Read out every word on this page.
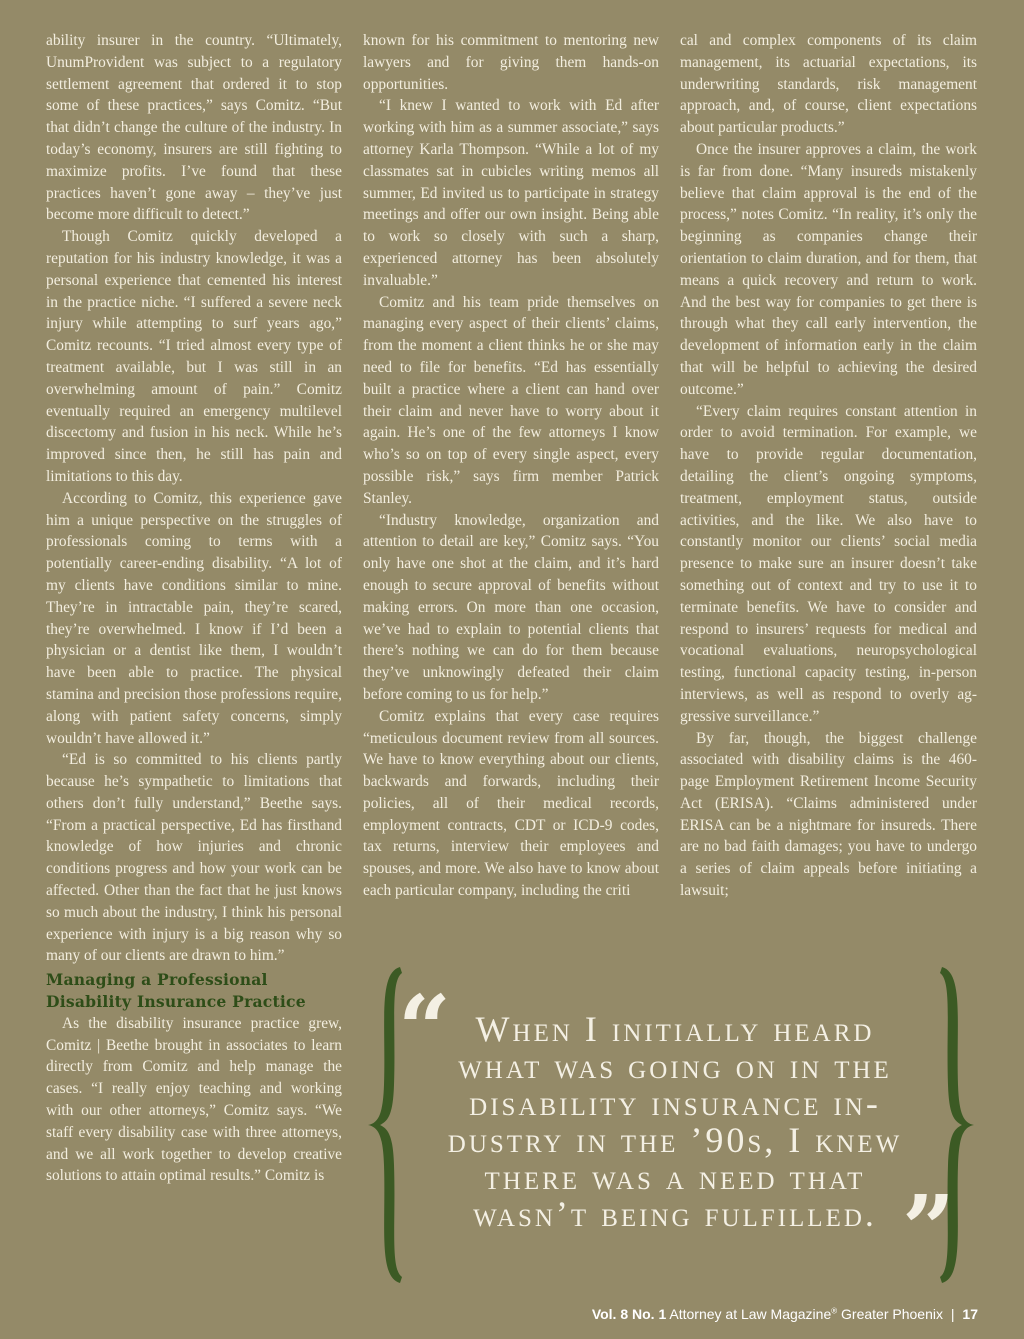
ability insurer in the country. “Ultimately, UnumProvident was subject to a regulatory settlement agreement that ordered it to stop some of these practices,” says Comitz. “But that didn’t change the culture of the industry. In today’s economy, insurers are still fighting to maximize profits. I’ve found that these practices haven’t gone away – they’ve just become more difficult to detect.”

Though Comitz quickly developed a reputation for his industry knowledge, it was a personal experience that cemented his interest in the practice niche. “I suffered a severe neck injury while attempting to surf years ago,” Comitz recounts. “I tried almost every type of treatment available, but I was still in an overwhelming amount of pain.” Comitz eventually required an emergency multilevel discectomy and fusion in his neck. While he’s improved since then, he still has pain and limitations to this day.

According to Comitz, this experience gave him a unique perspective on the struggles of professionals coming to terms with a potentially career-ending disability. “A lot of my clients have conditions similar to mine. They’re in intractable pain, they’re scared, they’re overwhelmed. I know if I’d been a physician or a dentist like them, I wouldn’t have been able to practice. The physical stamina and precision those professions require, along with patient safety concerns, simply wouldn’t have allowed it.”

“Ed is so committed to his clients partly because he’s sympathetic to limitations that others don’t fully understand,” Beethe says. “From a practical perspective, Ed has firsthand knowledge of how injuries and chronic conditions progress and how your work can be affected. Other than the fact that he just knows so much about the industry, I think his personal experience with injury is a big reason why so many of our clients are drawn to him.”

Managing a Professional Disability Insurance Practice

As the disability insurance practice grew, Comitz | Beethe brought in associates to learn directly from Comitz and help manage the cases. “I really enjoy teaching and working with our other attorneys,” Comitz says. “We staff every disability case with three attorneys, and we all work together to develop creative solutions to attain optimal results.” Comitz is

known for his commitment to mentoring new lawyers and for giving them hands-on opportunities.

“I knew I wanted to work with Ed after working with him as a summer associate,” says attorney Karla Thompson. “While a lot of my classmates sat in cubicles writing memos all summer, Ed invited us to participate in strategy meetings and offer our own insight. Being able to work so closely with such a sharp, experienced attorney has been absolutely invaluable.”

Comitz and his team pride themselves on managing every aspect of their clients’ claims, from the moment a client thinks he or she may need to file for benefits. “Ed has essentially built a practice where a client can hand over their claim and never have to worry about it again. He’s one of the few attorneys I know who’s so on top of every single aspect, every possible risk,” says firm member Patrick Stanley.

“Industry knowledge, organization and attention to detail are key,” Comitz says. “You only have one shot at the claim, and it’s hard enough to secure approval of benefits without making errors. On more than one occasion, we’ve had to explain to potential clients that there’s nothing we can do for them because they’ve unknowingly defeated their claim before coming to us for help.”

Comitz explains that every case requires “meticulous document review from all sources. We have to know everything about our clients, backwards and forwards, including their policies, all of their medical records, employment contracts, CDT or ICD-9 codes, tax returns, interview their employees and spouses, and more. We also have to know about each particular company, including the criti

cal and complex components of its claim management, its actuarial expectations, its underwriting standards, risk management approach, and, of course, client expectations about particular products.”

Once the insurer approves a claim, the work is far from done. “Many insureds mistakenly believe that claim approval is the end of the process,” notes Comitz. “In reality, it’s only the beginning as companies change their orientation to claim duration, and for them, that means a quick recovery and return to work. And the best way for companies to get there is through what they call early intervention, the development of information early in the claim that will be helpful to achieving the desired outcome.”

“Every claim requires constant attention in order to avoid termination. For example, we have to provide regular documentation, detailing the client’s ongoing symptoms, treatment, employment status, outside activities, and the like. We also have to constantly monitor our clients’ social media presence to make sure an insurer doesn’t take something out of context and try to use it to terminate benefits. We have to consider and respond to insurers’ requests for medical and vocational evaluations, neuropsychological testing, functional capacity testing, in-person interviews, as well as respond to overly aggressive surveillance.”

By far, though, the biggest challenge associated with disability claims is the 460-page Employment Retirement Income Security Act (ERISA). “Claims administered under ERISA can be a nightmare for insureds. There are no bad faith damages; you have to undergo a series of claim appeals before initiating a lawsuit;

“ When I initially heard
what was going on in the
disability insurance in-
dustry in the ’90s, I knew
there was a need that
wasn’t being fulfilled. ”
Vol. 8 No. 1 Attorney at Law Magazine® Greater Phoenix | 17
